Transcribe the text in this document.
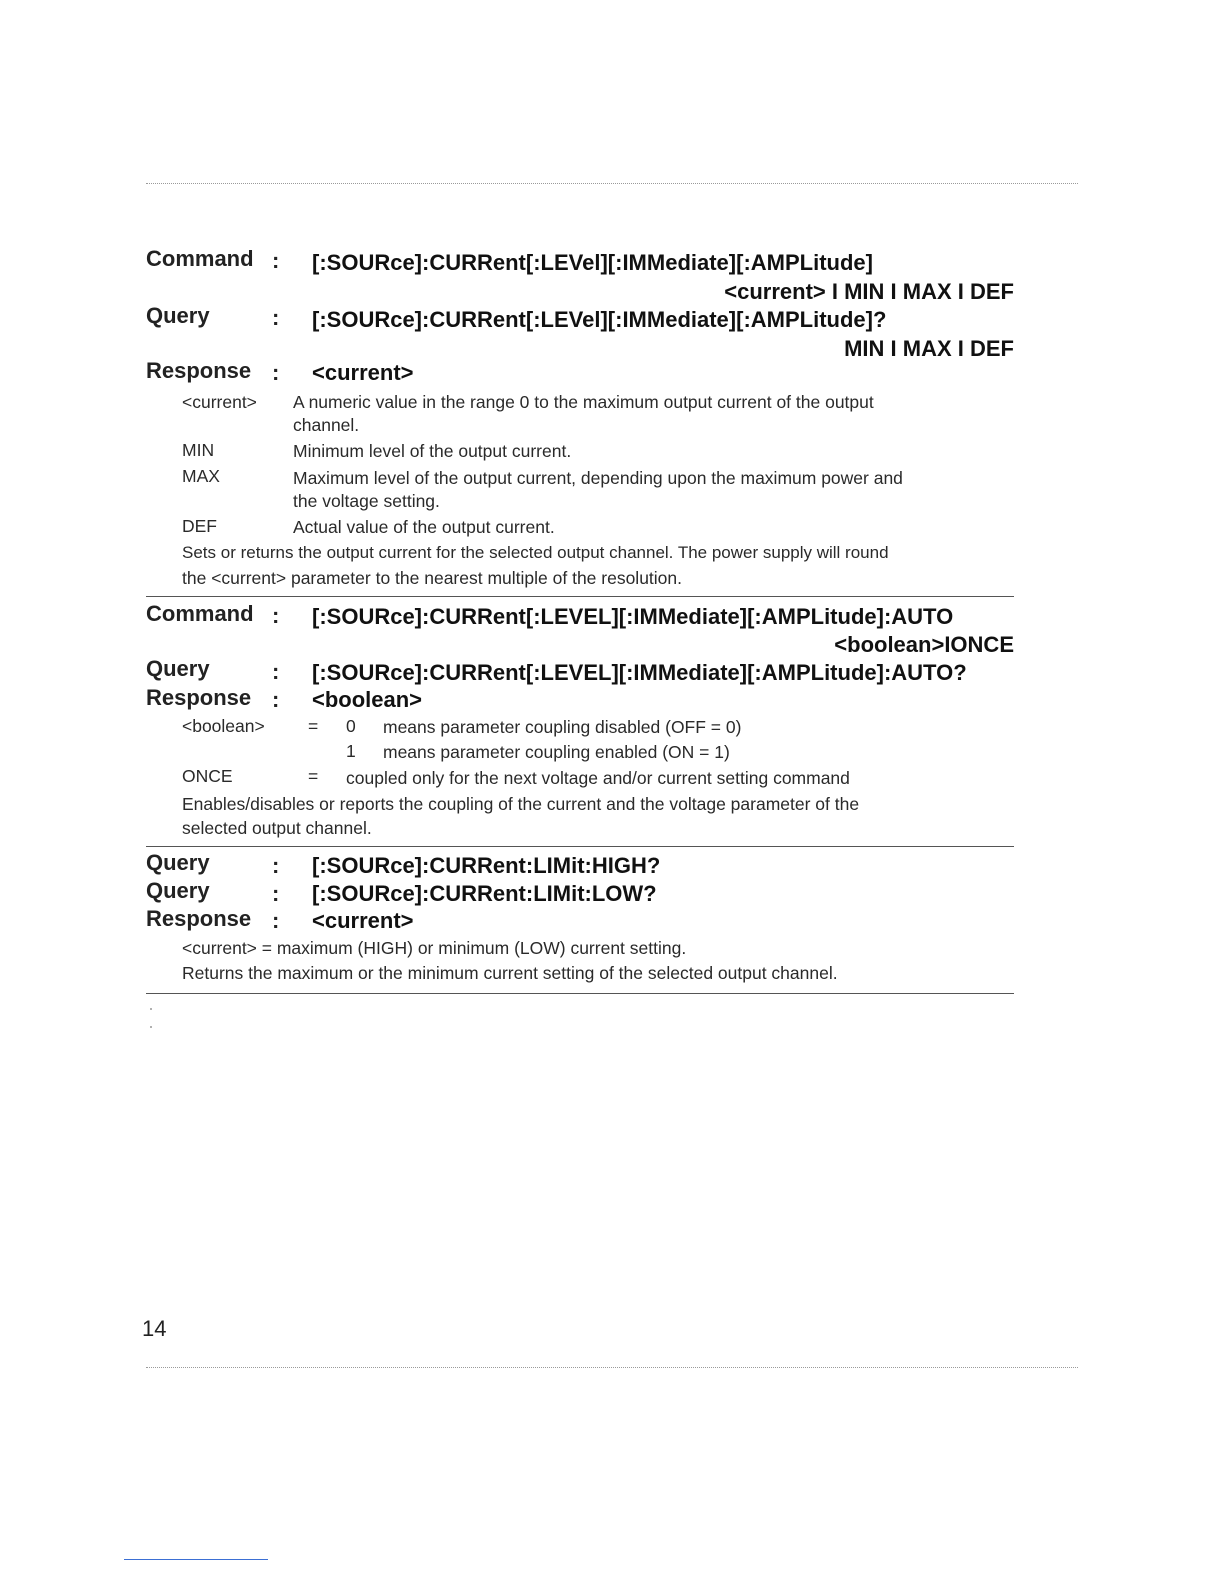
Command : [:SOURce]:CURRent[:LEVel][:IMMediate][:AMPLitude]
<current> I MIN I MAX I DEF
Query	: [:SOURce]:CURRent[:LEVel][:IMMediate][:AMPLitude]?
MIN I MAX I DEF
Response : <current>
<current> A numeric value in the range 0 to the maximum output current of the output
channel.
MIN	Minimum level of the output current.
MAX	Maximum level of the output current, depending upon the maximum power and
the voltage setting.
DEF	Actual value of the output current.
Sets or returns the output current for the selected output channel. The power supply will round
the <current> parameter to the nearest multiple of the resolution.
Command : [:SOURce]:CURRent[:LEVEL][:IMMediate][:AMPLitude]:AUTO
<boolean>IONCE
Query	: [:SOURce]:CURRent[:LEVEL][:IMMediate][:AMPLitude]:AUTO?
Response : <boolean>
<boolean> = 0 means parameter coupling disabled (OFF = 0)
1 means parameter coupling enabled (ON = 1)
ONCE	= coupled only for the next voltage and/or current setting command
Enables/disables or reports the coupling of the current and the voltage parameter of the
selected output channel.
Query	: [:SOURce]:CURRent:LIMit:HIGH?
Query	: [:SOURce]:CURRent:LIMit:LOW?
Response : <current>
<current> = maximum (HIGH) or minimum (LOW) current setting.
Returns the maximum or the minimum current setting of the selected output channel.
14
